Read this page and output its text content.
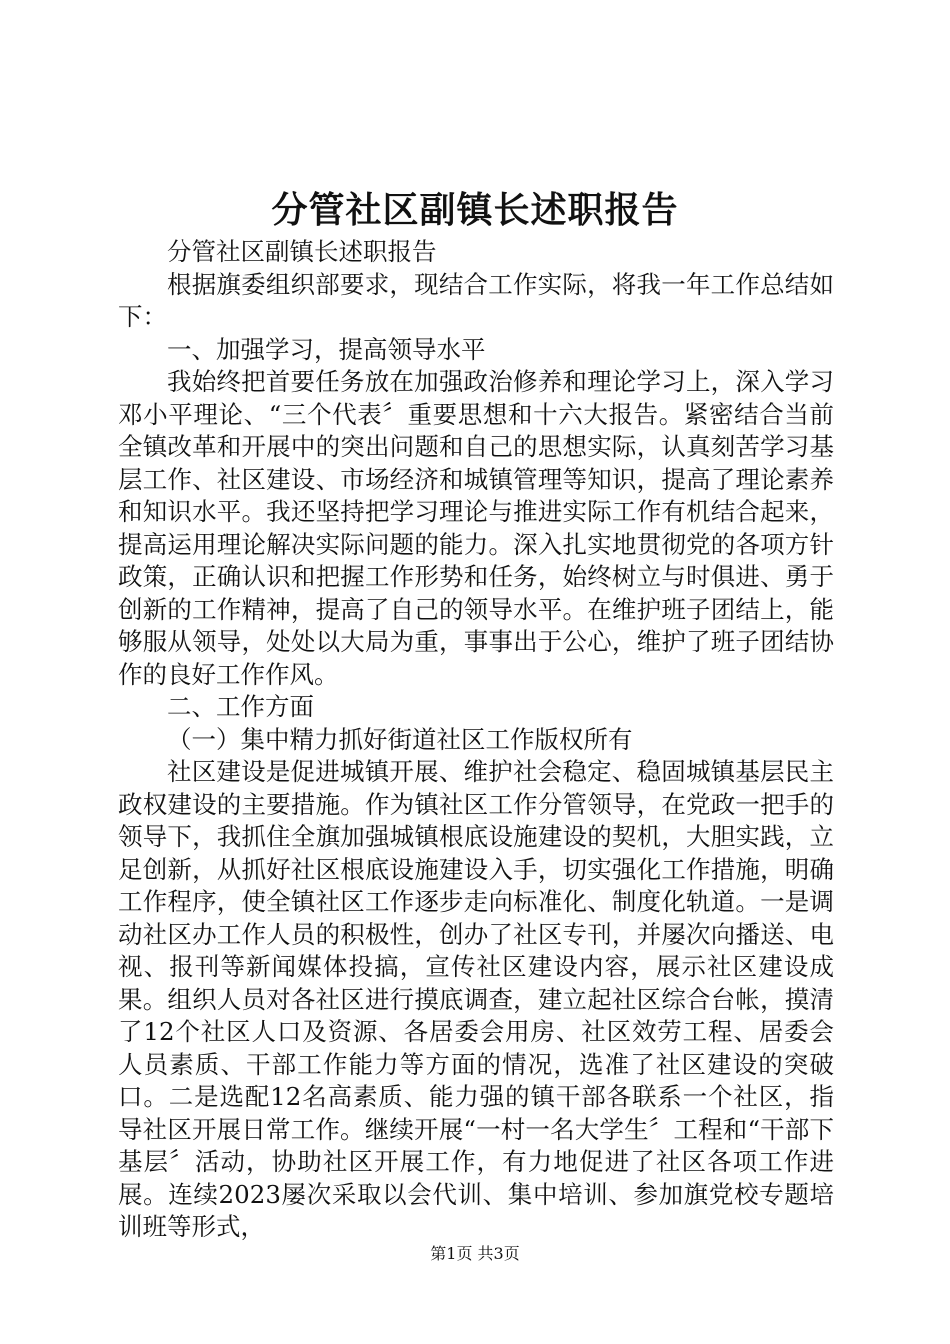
分管社区副镇长述职报告

分管社区副镇长述职报告

根据旗委组织部要求，现结合工作实际，将我一年工作总结如下：

一、加强学习，提高领导水平

我始终把首要任务放在加强政治修养和理论学习上，深入学习邓小平理论、“三个代表〞重要思想和十六大报告。紧密结合当前全镇改革和开展中的突出问题和自己的思想实际，认真刻苦学习基层工作、社区建设、市场经济和城镇管理等知识，提高了理论素养和知识水平。我还坚持把学习理论与推进实际工作有机结合起来，提高运用理论解决实际问题的能力。深入扎实地贯彻党的各项方针政策，正确认识和把握工作形势和任务，始终树立与时俱进、勇于创新的工作精神，提高了自己的领导水平。在维护班子团结上，能够服从领导，处处以大局为重，事事出于公心，维护了班子团结协作的良好工作作风。

二、工作方面

（一）集中精力抓好街道社区工作版权所有

社区建设是促进城镇开展、维护社会稳定、稳固城镇基层民主政权建设的主要措施。作为镇社区工作分管领导，在党政一把手的领导下，我抓住全旗加强城镇根底设施建设的契机，大胆实践，立足创新，从抓好社区根底设施建设入手，切实强化工作措施，明确工作程序，使全镇社区工作逐步走向标准化、制度化轨道。一是调动社区办工作人员的积极性，创办了社区专刊，并屡次向播送、电视、报刊等新闻媒体投搞，宣传社区建设内容，展示社区建设成果。组织人员对各社区进行摸底调查，建立起社区综合台帐，摸清了12个社区人口及资源、各居委会用房、社区效劳工程、居委会人员素质、干部工作能力等方面的情况，选准了社区建设的突破口。二是选配12名高素质、能力强的镇干部各联系一个社区，指导社区开展日常工作。继续开展“一村一名大学生〞工程和“干部下基层〞活动，协助社区开展工作，有力地促进了社区各项工作进展。连续2023屡次采取以会代训、集中培训、参加旗党校专题培训班等形式，

第1页 共3页
